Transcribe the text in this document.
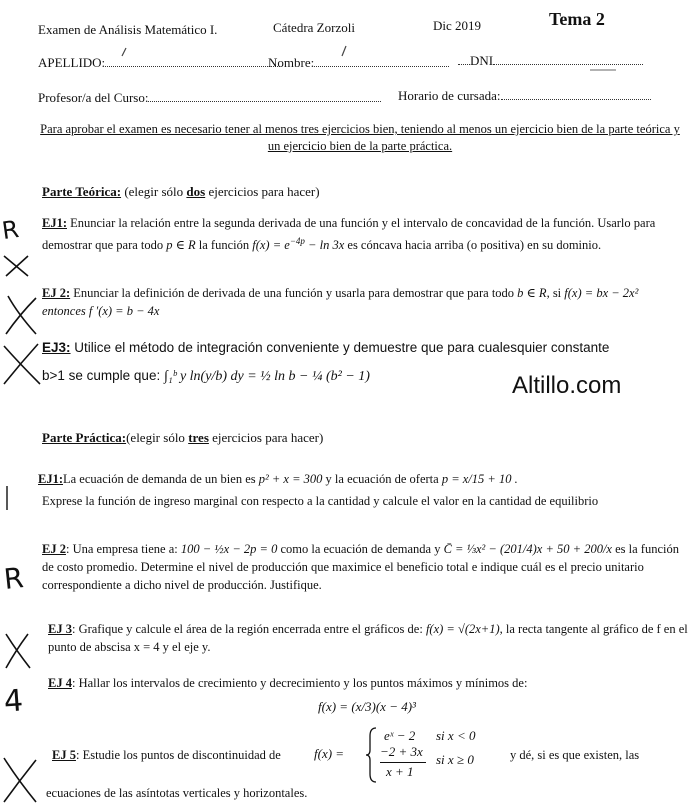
Examen de Análisis Matemático I.	Cátedra Zorzoli	Dic 2019	Tema 2
APELLIDO:	Nombre:	DNI
Profesor/a del Curso:	Horario de cursada:
Para aprobar el examen es necesario tener al menos tres ejercicios bien, teniendo al menos un ejercicio bien de la parte teórica y un ejercicio bien de la parte práctica.
Parte Teórica: (elegir sólo dos ejercicios para hacer)
EJ1: Enunciar la relación entre la segunda derivada de una función y el intervalo de concavidad de la función. Usarlo para demostrar que para todo p ∈ R la función $f(x) = e^{-4p} - \ln 3x$ es cóncava hacia arriba (o positiva) en su dominio.
EJ 2: Enunciar la definición de derivada de una función y usarla para demostrar que para todo b ∈ R, si f(x) = bx − 2x² entonces f ′(x) = b − 4x
EJ3: Utilice el método de integración conveniente y demuestre que para cualesquier constante
b>1 se cumple que: ∫₁ᵇ y ln(y/b) dy = ½ ln b − ¼ (b² − 1)	Altillo.com
Parte Práctica:(elegir sólo tres ejercicios para hacer)
EJ1:La ecuación de demanda de un bien es p² + x = 300 y la ecuación de oferta p = x/15 + 10 .
Exprese la función de ingreso marginal con respecto a la cantidad y calcule el valor en la cantidad de equilibrio
EJ 2: Una empresa tiene a: 100 − ½x − 2p = 0 como la ecuación de demanda y C̄ = ⅓x² − (201/4)x + 50 + 200/x es la función de costo promedio. Determine el nivel de producción que maximice el beneficio total e indique cuál es el precio unitario correspondiente a dicho nivel de producción. Justifique.
EJ 3: Grafique y calcule el área de la región encerrada entre el gráficos de: f(x) = √(2x+1), la recta tangente al gráfico de f en el punto de abscisa x = 4 y el eje y.
EJ 4: Hallar los intervalos de crecimiento y decrecimiento y los puntos máximos y mínimos de:
f(x) = (x/3)(x − 4)³
EJ 5: Estudie los puntos de discontinuidad de	f(x) =
eˣ − 2 si x < 0
−2 + 3x
x + 1
si x ≥ 0	y dé, si es que existen, las
ecuaciones de las asíntotas verticales y horizontales.
R
R
4
